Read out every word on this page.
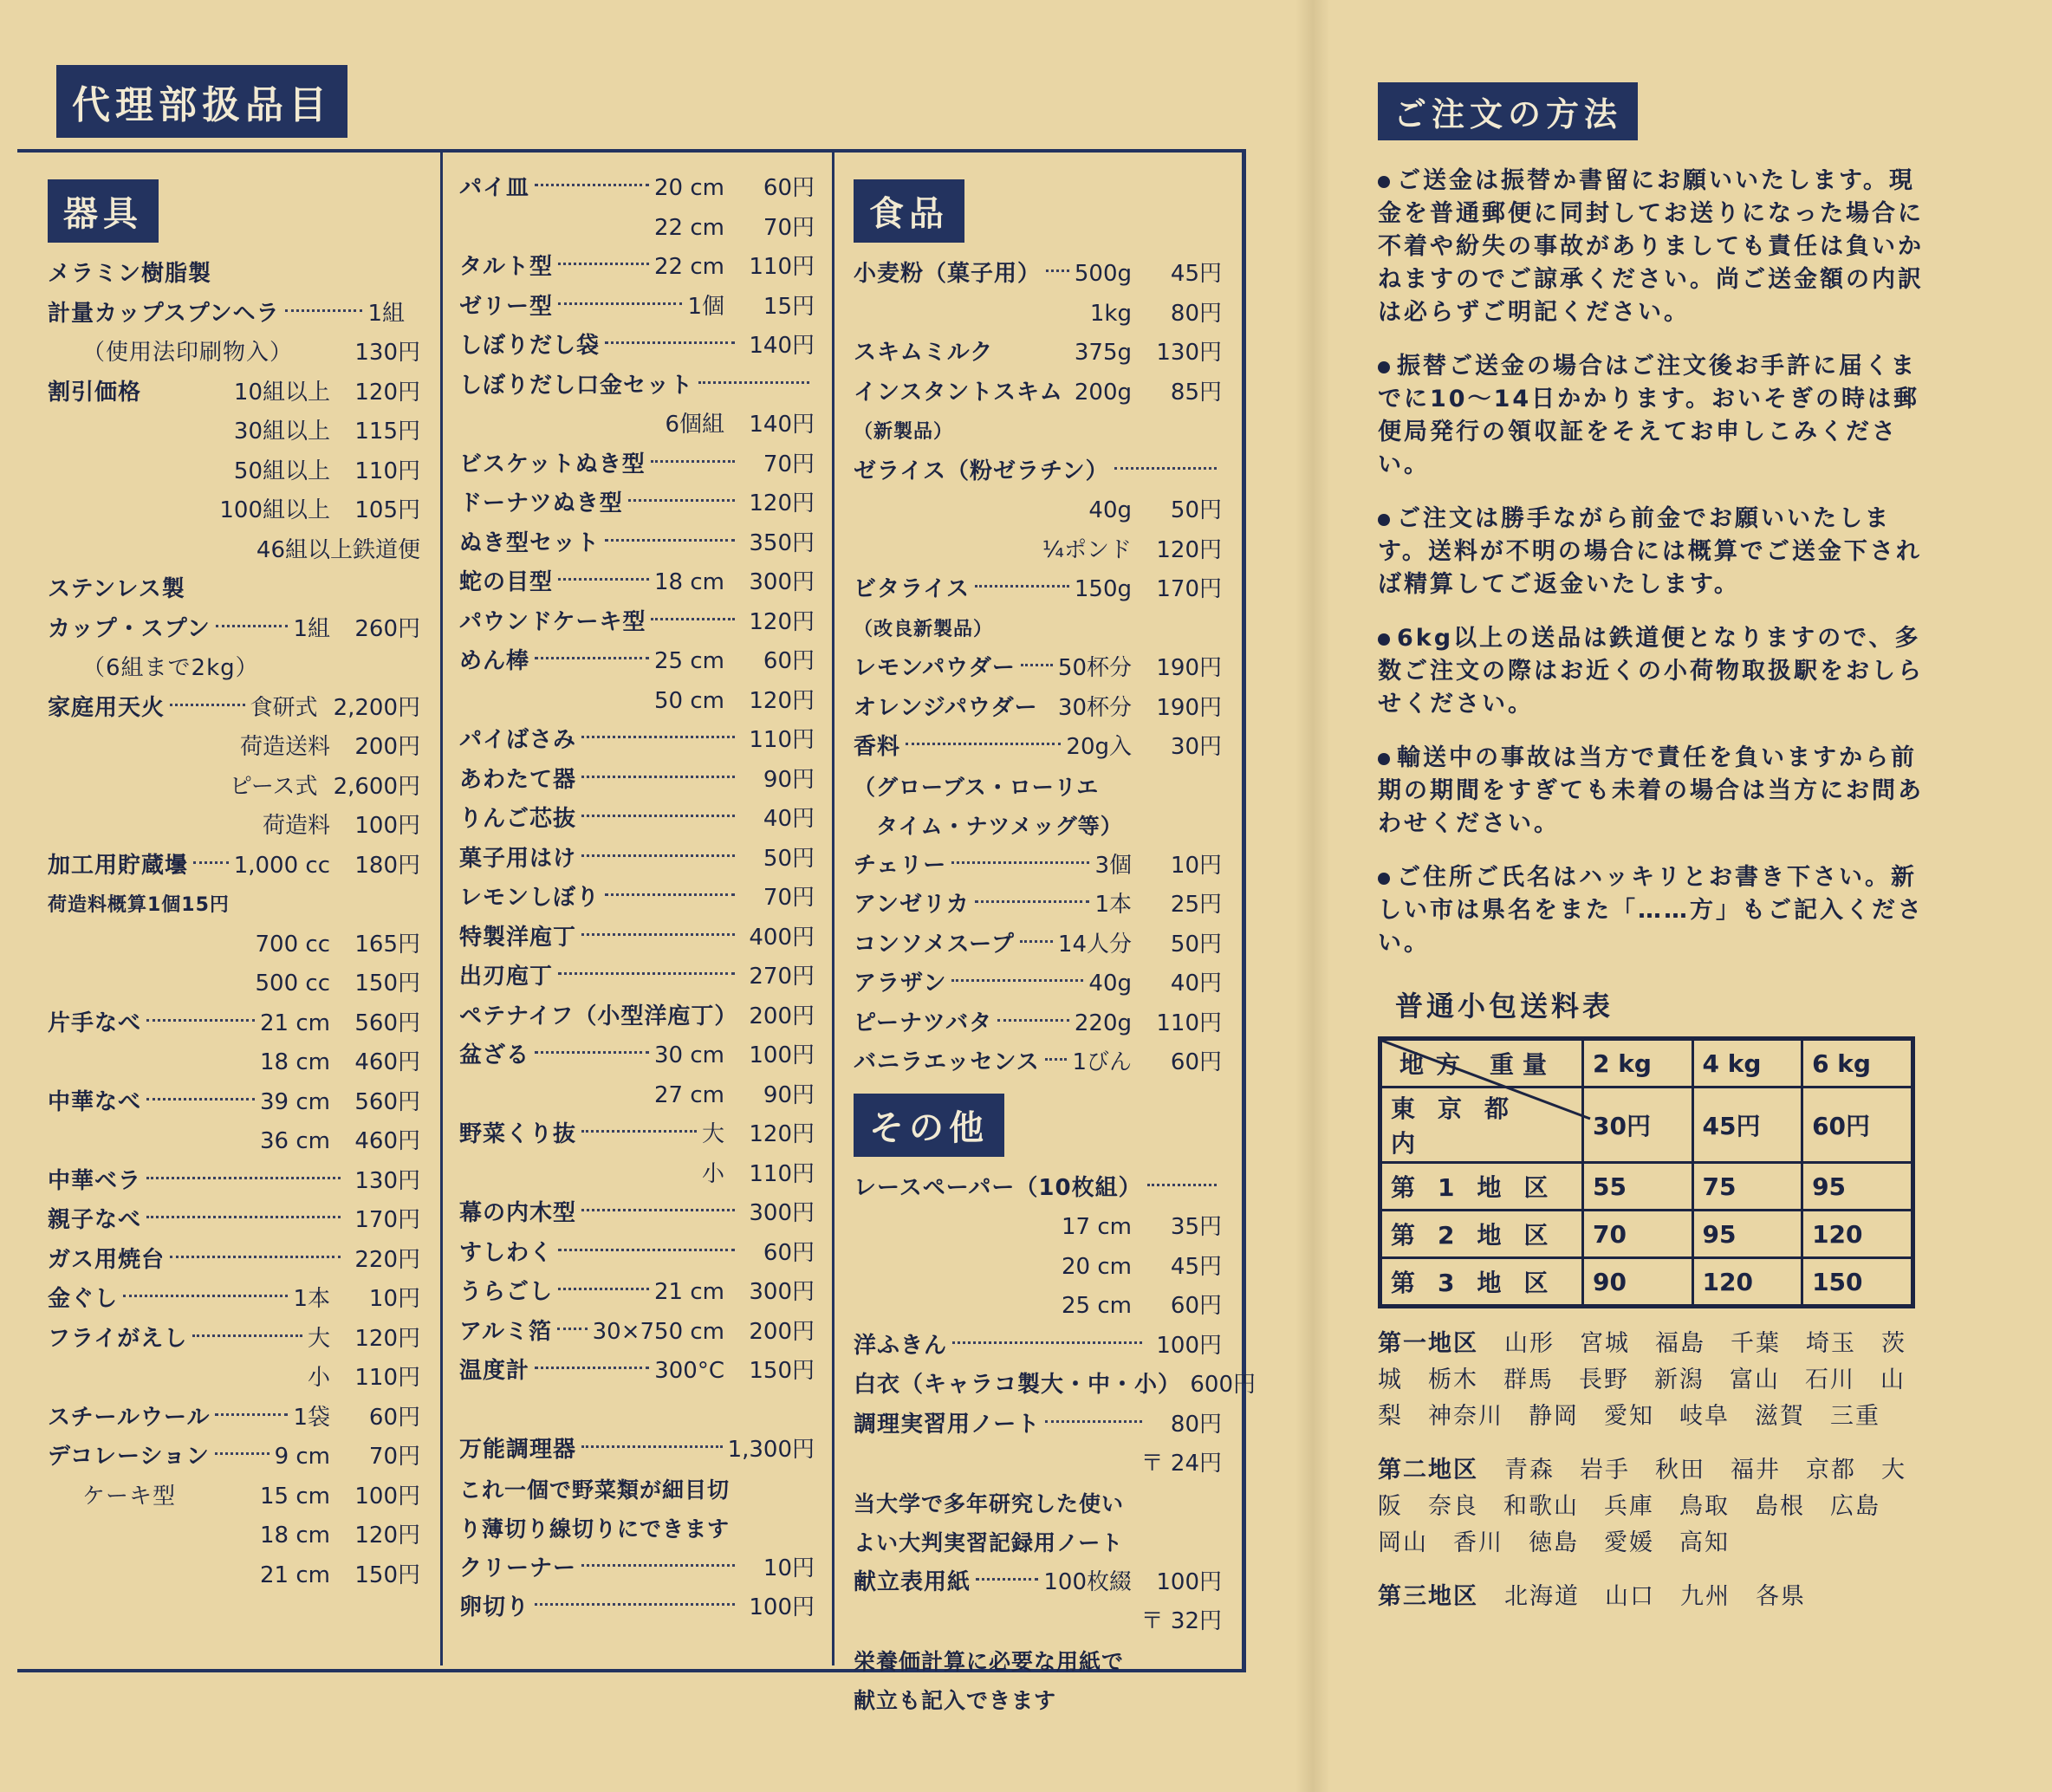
代理部扱品目
器具
メラミン樹脂製
計量カップスプンヘラ	1組
（使用法印刷物入）	130円
割引価格	10組以上	120円
30組以上	115円
50組以上	110円
100組以上	105円
46組以上鉄道便
ステンレス製
カップ・スプン	1組	260円
（6組まで2kg）
家庭用天火	食研式 2,200円
荷造送料	200円
ピース式 2,600円
荷造料	100円
加工用貯蔵壜 1,000 cc	180円
荷造料概算1個15円
700 cc	165円
500 cc	150円
片手なべ	21 cm	560円
18 cm	460円
中華なべ	39 cm	560円
36 cm	460円
中華ベラ	130円
親子なべ	170円
ガス用焼台	220円
金ぐし	1本	10円
フライがえし	大	120円
小	110円
スチールウール	1袋	60円
デコレーション	9 cm	70円
ケーキ型	15 cm	100円
18 cm	120円
21 cm	150円
パイ皿	20 cm	60円
22 cm	70円
タルト型	22 cm	110円
ゼリー型	1個	15円
しぼりだし袋	140円
しぼりだし口金セット
6個組	140円
ビスケットぬき型	70円
ドーナツぬき型	120円
ぬき型セット	350円
蛇の目型	18 cm	300円
パウンドケーキ型	120円
めん棒	25 cm	60円
50 cm	120円
パイばさみ	110円
あわたて器	90円
りんご芯抜	40円
菓子用はけ	50円
レモンしぼり	70円
特製洋庖丁	400円
出刃庖丁	270円
ペテナイフ（小型洋庖丁） 200円
盆ざる	30 cm	100円
27 cm	90円
野菜くり抜	大	120円
小	110円
幕の内木型	300円
すしわく	60円
うらごし	21 cm	300円
アルミ箔 30×750 cm	200円
温度計	300°C	150円
万能調理器	1,300円
これ一個で野菜類が細目切
り薄切り線切りにできます
クリーナー	10円
卵切り	100円
食品
小麦粉（菓子用） 500g	45円
1kg	80円
スキムミルク	375g	130円
インスタントスキム 200g	85円
（新製品）
ゼライス（粉ゼラチン）
40g	50円
¼ポンド	120円
ビタライス	150g	170円
（改良新製品）
レモンパウダー 50杯分	190円
オレンジパウダー 30杯分	190円
香料	20g入	30円
（グローブス・ローリエ
　タイム・ナツメッグ等）
チェリー	3個	10円
アンゼリカ	1本	25円
コンソメスープ 14人分	50円
アラザン	40g	40円
ピーナツバタ	220g	110円
バニラエッセンス 1びん	60円
その他
レースペーパー（10枚組）
17 cm	35円
20 cm	45円
25 cm	60円
洋ふきん	100円
白衣（キャラコ製大・中・小） 600円
調理実習用ノート	80円
〒 24円
当大学で多年研究した使い
よい大判実習記録用ノート
献立表用紙	100枚綴	100円
〒 32円
栄養価計算に必要な用紙で
献立も記入できます
ご注文の方法

ご送金は振替か書留にお願いいたします。現金を普通郵便に同封してお送りになった場合に不着や紛失の事故がありましても責任は負いかねますのでご諒承ください。尚ご送金額の内訳は必らずご明記ください。

振替ご送金の場合はご注文後お手許に届くまでに10〜14日かかります。おいそぎの時は郵便局発行の領収証をそえてお申しこみください。

ご注文は勝手ながら前金でお願いいたします。送料が不明の場合には概算でご送金下されば精算してご返金いたします。

6kg以上の送品は鉄道便となりますので、多数ご注文の際はお近くの小荷物取扱駅をおしらせください。

輸送中の事故は当方で責任を負いますから前期の期間をすぎても未着の場合は当方にお問あわせください。

ご住所ご氏名はハッキリとお書き下さい。新しい市は県名をまた「……方」もご記入ください。

普通小包送料表
重量
地方	2 kg	4 kg	6 kg
東京都内	30円	45円	60円
第1地区	55	75	95
第2地区	70	95	120
第3地区	90	120	150
第一地区 山形　宮城　福島　千葉　埼玉　茨城　栃木　群馬　長野　新潟　富山　石川　山梨　神奈川　静岡　愛知　岐阜　滋賀　三重
第二地区 青森　岩手　秋田　福井　京都　大阪　奈良　和歌山　兵庫　鳥取　島根　広島　岡山　香川　徳島　愛媛　高知
第三地区 北海道　山口　九州　各県
